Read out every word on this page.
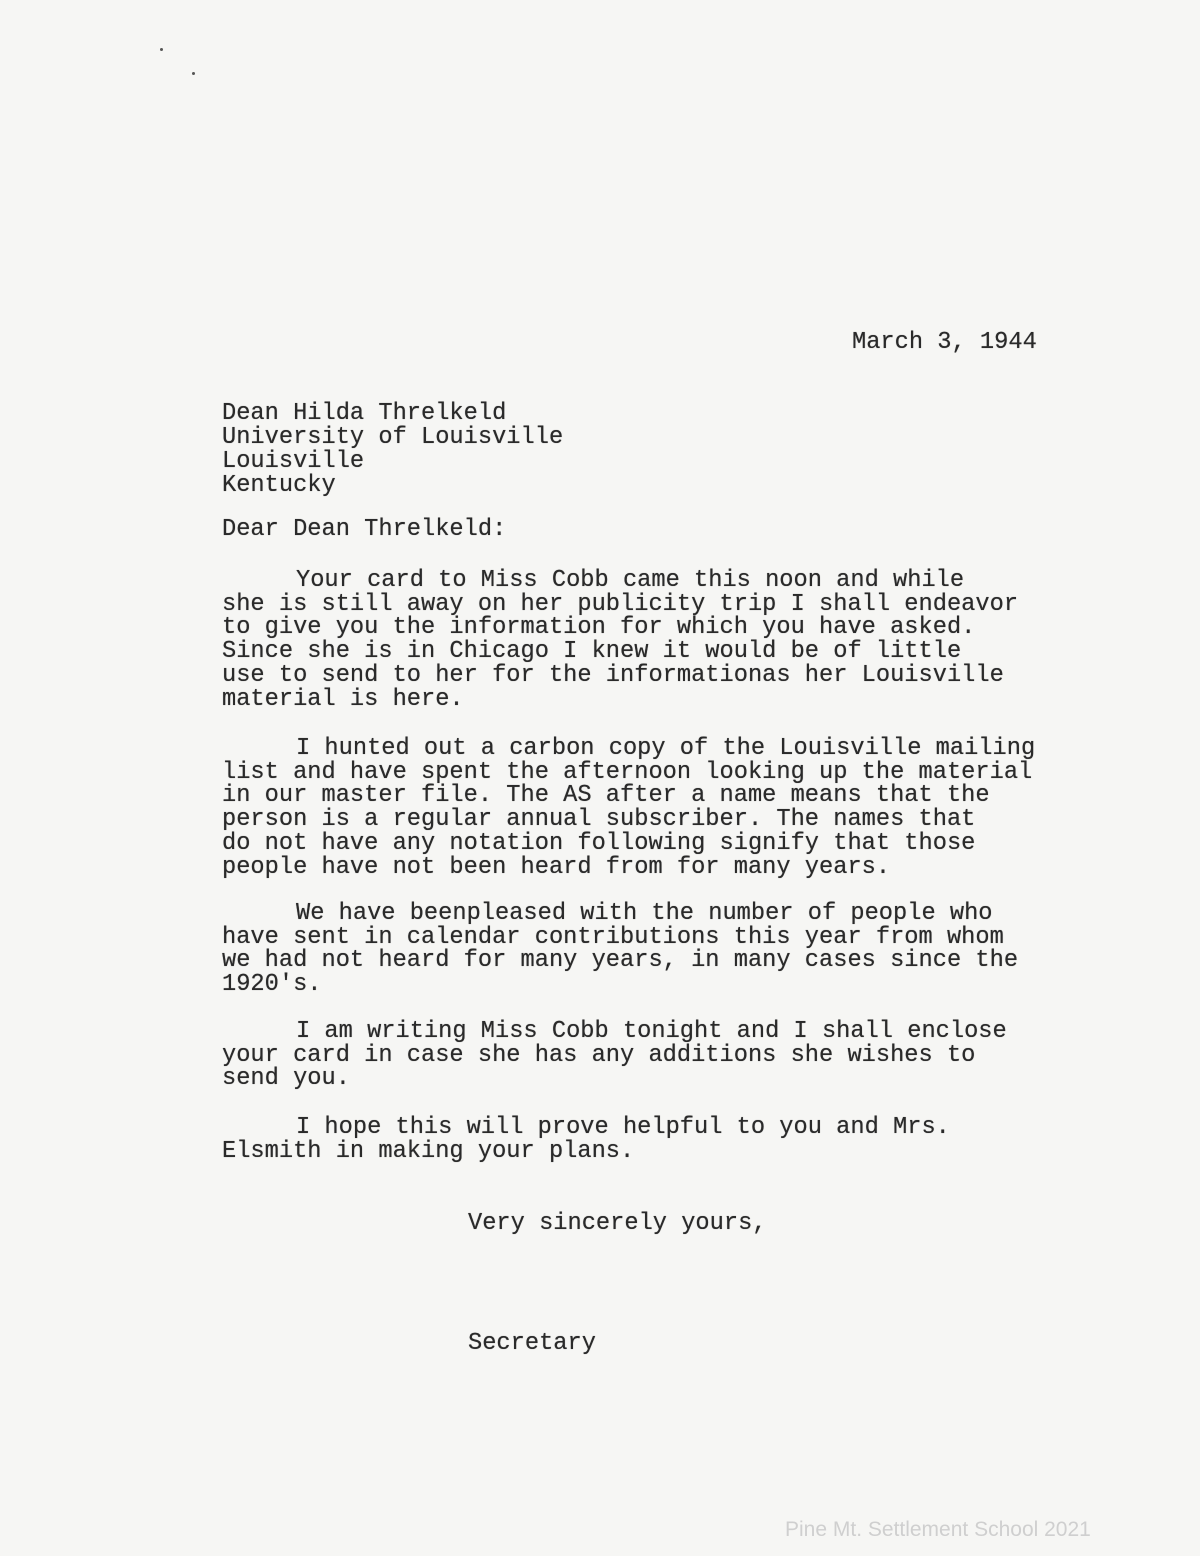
March 3, 1944
Dean Hilda Threlkeld
University of Louisville
Louisville
Kentucky
Dear Dean Threlkeld:
Your card to Miss Cobb came this noon and while
she is still away on her publicity trip I shall endeavor
to give you the information for which you have asked.
Since she is in Chicago I knew it would be of little
use to send to her for the informationas her Louisville
material is here.
I hunted out a carbon copy of the Louisville mailing
list and have spent the afternoon looking up the material
in our master file. The AS after a name means that the
person is a regular annual subscriber. The names that
do not have any notation following signify that those
people have not been heard from for many years.
We have beenpleased with the number of people who
have sent in calendar contributions this year from whom
we had not heard for many years, in many cases since the
1920's.
I am writing Miss Cobb tonight and I shall enclose
your card in case she has any additions she wishes to
send you.
I hope this will prove helpful to you and Mrs.
Elsmith in making your plans.
Very sincerely yours,
Secretary
Pine Mt. Settlement School 2021
